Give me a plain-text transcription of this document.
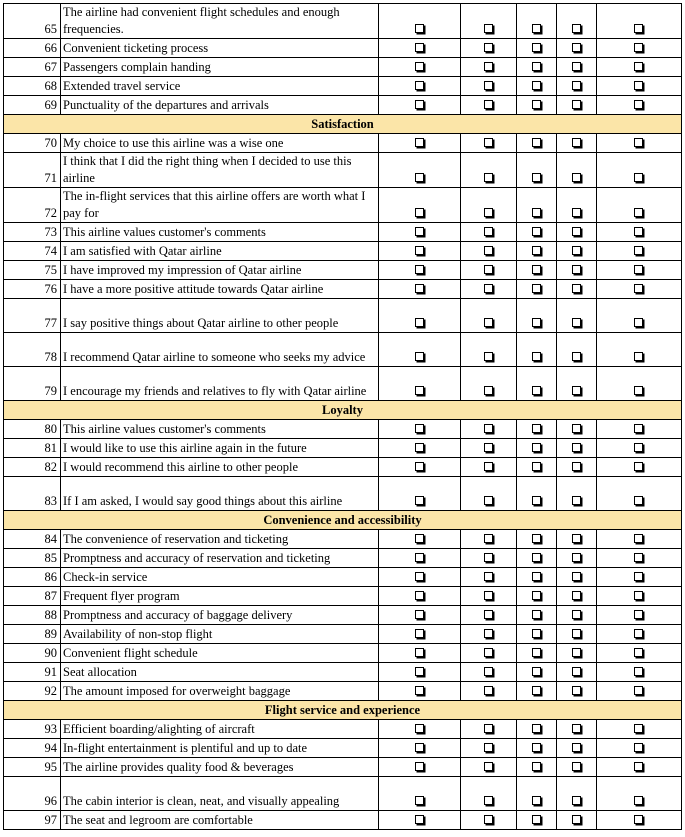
65	The airline had convenient flight schedules and enough frequencies.					
66	Convenient ticketing process					
67	Passengers complain handing					
68	Extended travel service					
69	Punctuality of the departures and arrivals					
Satisfaction						
70	My choice to use this airline was a wise one					
71	I think that I did the right thing when I decided to use this airline					
72	The in-flight services that this airline offers are worth what I pay for					
73	This airline values customer's comments					
74	I am satisfied with Qatar airline					
75	I have improved my impression of Qatar airline					
76	I have a more positive attitude towards Qatar airline					
77	I say positive things about Qatar airline to other people					
78	I recommend Qatar airline to someone who seeks my advice					
79	I encourage my friends and relatives to fly with Qatar airline					
Loyalty						
80	This airline values customer's comments					
81	I would like to use this airline again in the future					
82	I would recommend this airline to other people					
83	If I am asked, I would say good things about this airline					
Convenience and accessibility						
84	The convenience of reservation and ticketing					
85	Promptness and accuracy of reservation and ticketing					
86	Check-in service					
87	Frequent flyer program					
88	Promptness and accuracy of baggage delivery					
89	Availability of non-stop flight					
90	Convenient flight schedule					
91	Seat allocation					
92	The amount imposed for overweight baggage					
Flight service and experience						
93	Efficient boarding/alighting of aircraft					
94	In-flight entertainment is plentiful and up to date					
95	The airline provides quality food & beverages					
96	The cabin interior is clean, neat, and visually appealing					
97	The seat and legroom are comfortable					
